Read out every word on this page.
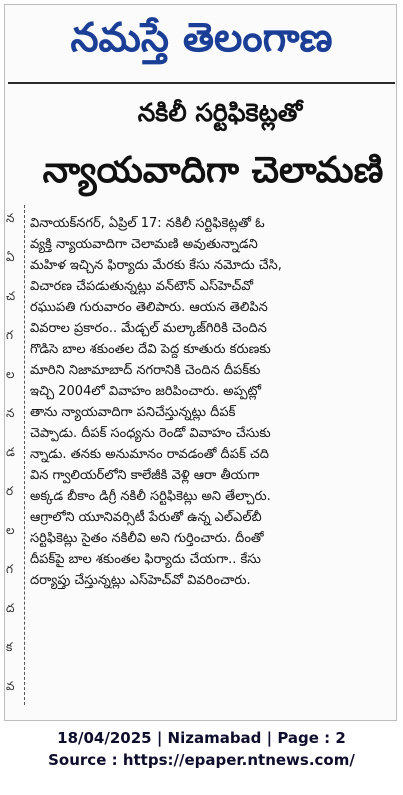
నమస్తే తెలంగాణ
నకిలీ సర్టిఫికెట్లతో
న్యాయవాదిగా చెలామణి
న
ఏ
చ
గ
ల
న
డ
ర
ల
గ
ద
క
వ

వినాయక్‌నగర్, ఏప్రిల్ 17: నకిలీ సర్టిఫికెట్లతో ఓ

వ్యక్తి న్యాయవాదిగా చెలామణి అవుతున్నాడని

మహిళ ఇచ్చిన ఫిర్యాదు మేరకు కేసు నమోదు చేసి,

విచారణ చేపడుతున్నట్లు వన్‌టౌన్ ఎస్‌హెచ్‌వో

రఘుపతి గురువారం తెలిపారు. ఆయన తెలిపిన

వివరాల ప్రకారం.. మేడ్చల్ మల్కాజ్‌గిరికి చెందిన

గొడిసె బాల శకుంతల దేవి పెద్ద కూతురు కరుణకు

మారిని నిజామాబాద్ నగరానికి చెందిన దీపక్‌కు

ఇచ్చి 2004లో వివాహం జరిపించారు. అప్పట్లో

తాను న్యాయవాదిగా పనిచేస్తున్నట్లు దీపక్

చెప్పాడు. దీపక్ సంధ్యను రెండో వివాహం చేసుకు

న్నాడు. తనకు అనుమానం రావడంతో దీపక్ చది

విన గ్వాలియర్‌లోని కాలేజీకి వెళ్లి ఆరా తీయగా

అక్కడ బీకాం డిగ్రీ నకిలీ సర్టిఫికెట్లు అని తేల్చారు.

ఆగ్రాలోని యూనివర్సిటీ పేరుతో ఉన్న ఎల్‌ఎల్‌బీ

సర్టిఫికెట్లు సైతం నకిలీవి అని గుర్తించారు. దీంతో

దీపక్‌పై బాల శకుంతల ఫిర్యాదు చేయగా.. కేసు

దర్యాప్తు చేస్తున్నట్లు ఎస్‌హెచ్‌వో వివరించారు.

18/04/2025 | Nizamabad | Page : 2
Source : https://epaper.ntnews.com/
